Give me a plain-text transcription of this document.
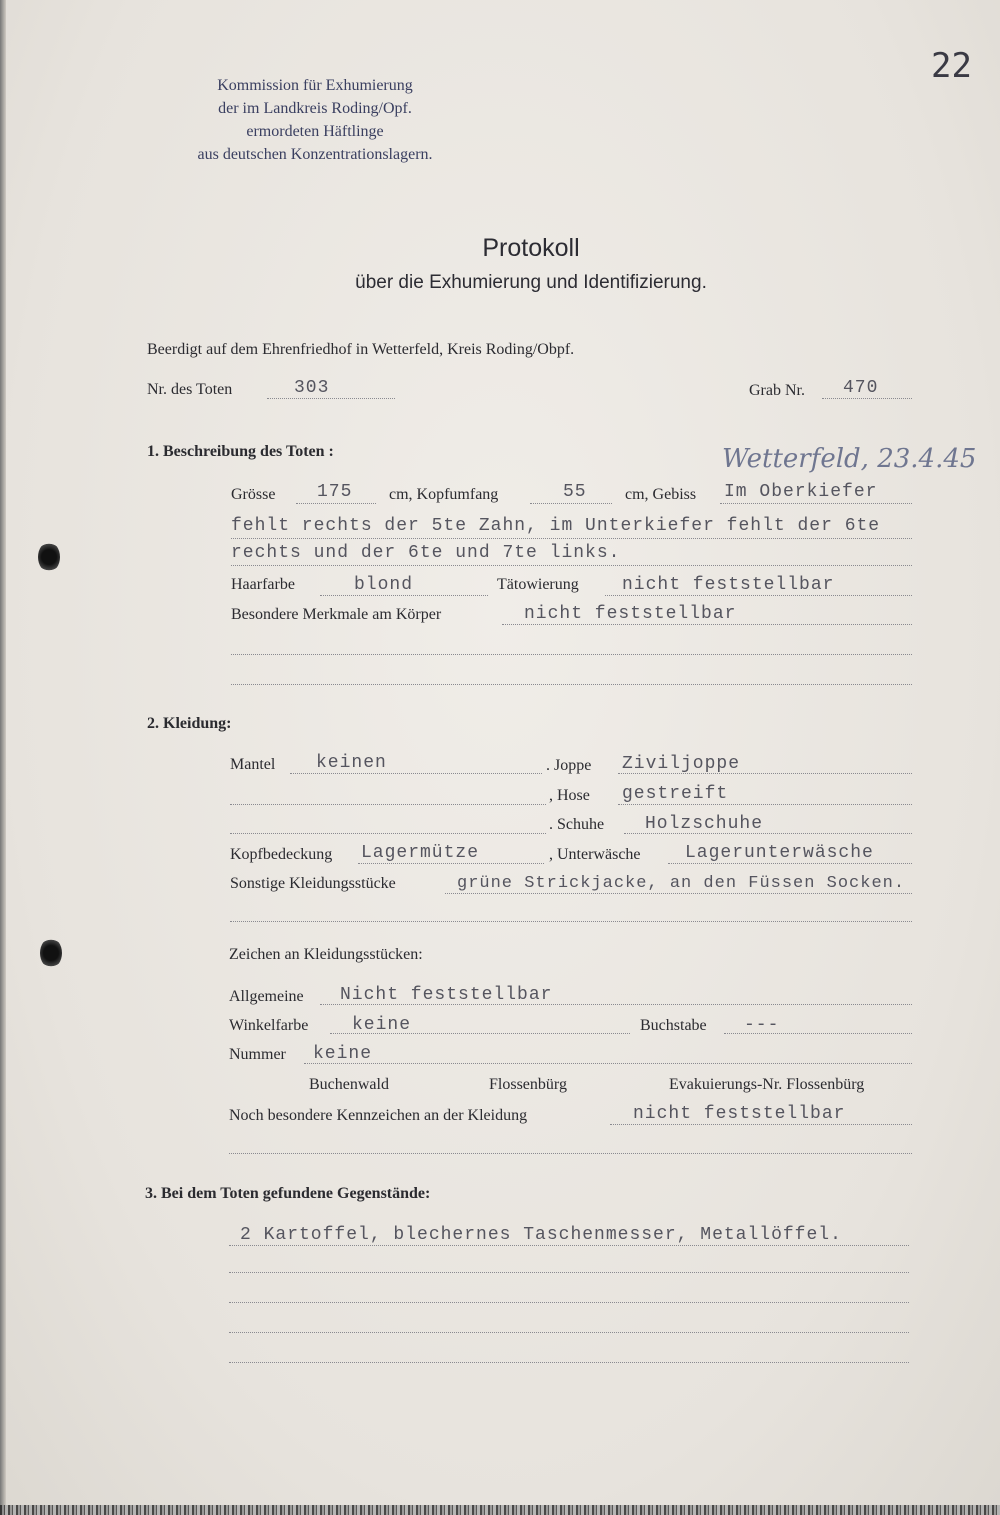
22
Kommission für Exhumierung
der im Landkreis Roding/Opf.
ermordeten Häftlinge
aus deutschen Konzentrationslagern.
Protokoll
über die Exhumierung und Identifizierung.
Beerdigt auf dem Ehrenfriedhof in Wetterfeld, Kreis Roding/Obpf.
Nr. des Toten	303	Grab Nr. 470
1. Beschreibung des Toten :	Wetterfeld, 23.4.45
Grösse 175 cm, Kopfumfang	55 cm, Gebiss Im Oberkiefer
fehlt rechts der 5te Zahn, im Unterkiefer fehlt der 6te
rechts und der 6te und 7te links.
Haarfarbe	blond	Tätowierung nicht feststellbar
Besondere Merkmale am Körper	nicht feststellbar
2. Kleidung:
Mantel keinen	. Joppe Ziviljoppe
, Hose gestreift
. Schuhe Holzschuhe
Kopfbedeckung Lagermütze	, Unterwäsche Lagerunterwäsche
Sonstige Kleidungsstücke	grüne Strickjacke, an den Füssen Socken.
Zeichen an Kleidungsstücken:
Allgemeine Nicht feststellbar
Winkelfarbe keine	Buchstabe ---
Nummer keine
Buchenwald	Flossenbürg	Evakuierungs-Nr. Flossenbürg
Noch besondere Kennzeichen an der Kleidung	nicht feststellbar
3. Bei dem Toten gefundene Gegenstände:
2 Kartoffel, blechernes Taschenmesser, Metallöffel.
